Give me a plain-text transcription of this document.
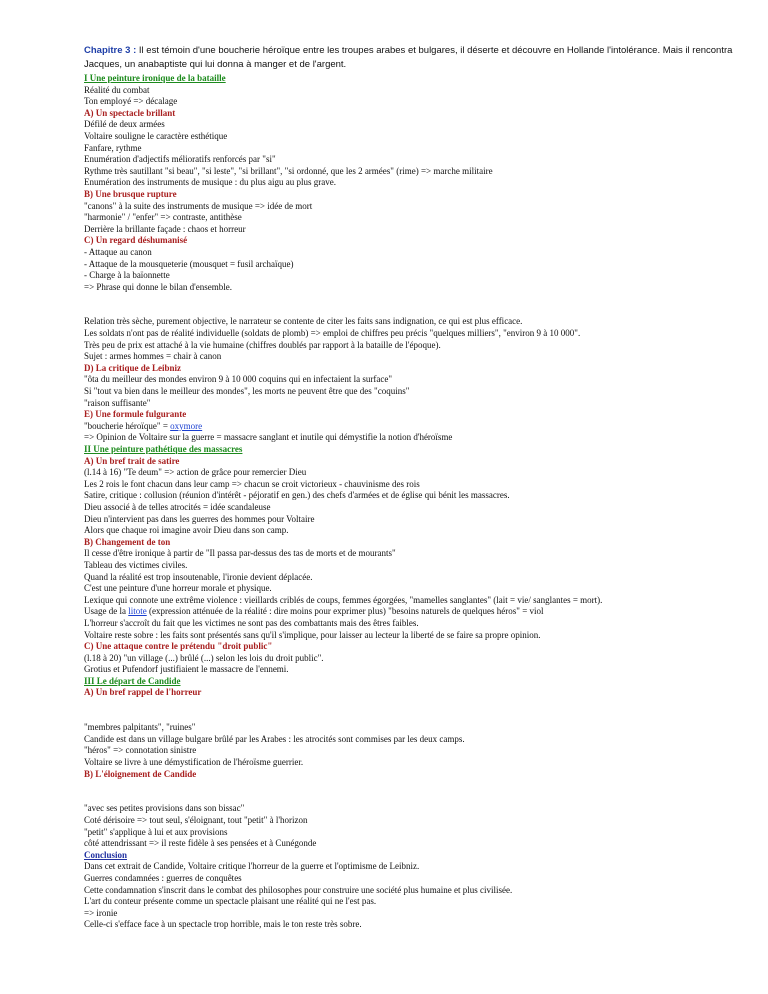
Chapitre 3 : Il est témoin d'une boucherie héroïque entre les troupes arabes et bulgares, il déserte et découvre en Hollande l'intolérance. Mais il rencontra Jacques, un anabaptiste qui lui donna à manger et de l'argent.
I Une peinture ironique de la bataille
Réalité du combat
Ton employé => décalage
A) Un spectacle brillant
Défilé de deux armées
Voltaire souligne le caractère esthétique
Fanfare, rythme
Enumération d'adjectifs mélioratifs renforcés par "si"
Rythme très sautillant "si beau", "si leste", "si brillant", "si ordonné, que les 2 armées" (rime) => marche militaire
Enumération des instruments de musique : du plus aigu au plus grave.
B) Une brusque rupture
"canons" à la suite des instruments de musique => idée de mort
"harmonie" / "enfer" => contraste, antithèse
Derrière la brillante façade : chaos et horreur
C) Un regard déshumanisé
- Attaque au canon
- Attaque de la mousqueterie (mousquet = fusil archaïque)
- Charge à la baïonnette
=> Phrase qui donne le bilan d'ensemble.
Relation très sèche, purement objective, le narrateur se contente de citer les faits sans indignation, ce qui est plus efficace.
Les soldats n'ont pas de réalité individuelle (soldats de plomb) => emploi de chiffres peu précis "quelques milliers", "environ 9 à 10 000".
Très peu de prix est attaché à la vie humaine (chiffres doublés par rapport à la bataille de l'époque).
Sujet : armes hommes = chair à canon
D) La critique de Leibniz
"ôta du meilleur des mondes environ 9 à 10 000 coquins qui en infectaient la surface"
Si "tout va bien dans le meilleur des mondes", les morts ne peuvent être que des "coquins"
"raison suffisante"
E) Une formule fulgurante
"boucherie héroïque" = oxymore
=> Opinion de Voltaire sur la guerre = massacre sanglant et inutile qui démystifie la notion d'héroïsme
II Une peinture pathétique des massacres
A) Un bref trait de satire
(l.14 à 16) "Te deum" => action de grâce pour remercier Dieu
Les 2 rois le font chacun dans leur camp => chacun se croit victorieux - chauvinisme des rois
Satire, critique : collusion (réunion d'intérêt - péjoratif en gen.) des chefs d'armées et de église qui bénit les massacres.
Dieu associé à de telles atrocités = idée scandaleuse
Dieu n'intervient pas dans les guerres des hommes pour Voltaire
Alors que chaque roi imagine avoir Dieu dans son camp.
B) Changement de ton
Il cesse d'être ironique à partir de "Il passa par-dessus des tas de morts et de mourants"
Tableau des victimes civiles.
Quand la réalité est trop insoutenable, l'ironie devient déplacée.
C'est une peinture d'une horreur morale et physique.
Lexique qui connote une extrême violence : vieillards criblés de coups, femmes égorgées, "mamelles sanglantes" (lait = vie/ sanglantes = mort).
Usage de la litote (expression atténuée de la réalité : dire moins pour exprimer plus) "besoins naturels de quelques héros" = viol
L'horreur s'accroît du fait que les victimes ne sont pas des combattants mais des êtres faibles.
Voltaire reste sobre : les faits sont présentés sans qu'il s'implique, pour laisser au lecteur la liberté de se faire sa propre opinion.
C) Une attaque contre le prétendu "droit public"
(l.18 à 20) "un village (...) brûlé (...) selon les lois du droit public".
Grotius et Pufendorf justifiaient le massacre de l'ennemi.
III Le départ de Candide
A) Un bref rappel de l'horreur
"membres palpitants", "ruines"
Candide est dans un village bulgare brûlé par les Arabes : les atrocités sont commises par les deux camps.
"héros" => connotation sinistre
Voltaire se livre à une démystification de l'héroïsme guerrier.
B) L'éloignement de Candide
"avec ses petites provisions dans son bissac"
Coté dérisoire => tout seul, s'éloignant, tout "petit" à l'horizon
"petit" s'applique à lui et aux provisions
côté attendrissant => il reste fidèle à ses pensées et à Cunégonde
Conclusion
Dans cet extrait de Candide, Voltaire critique l'horreur de la guerre et l'optimisme de Leibniz.
Guerres condamnées : guerres de conquêtes
Cette condamnation s'inscrit dans le combat des philosophes pour construire une société plus humaine et plus civilisée.
L'art du conteur présente comme un spectacle plaisant une réalité qui ne l'est pas.
=> ironie
Celle-ci s'efface face à un spectacle trop horrible, mais le ton reste très sobre.
